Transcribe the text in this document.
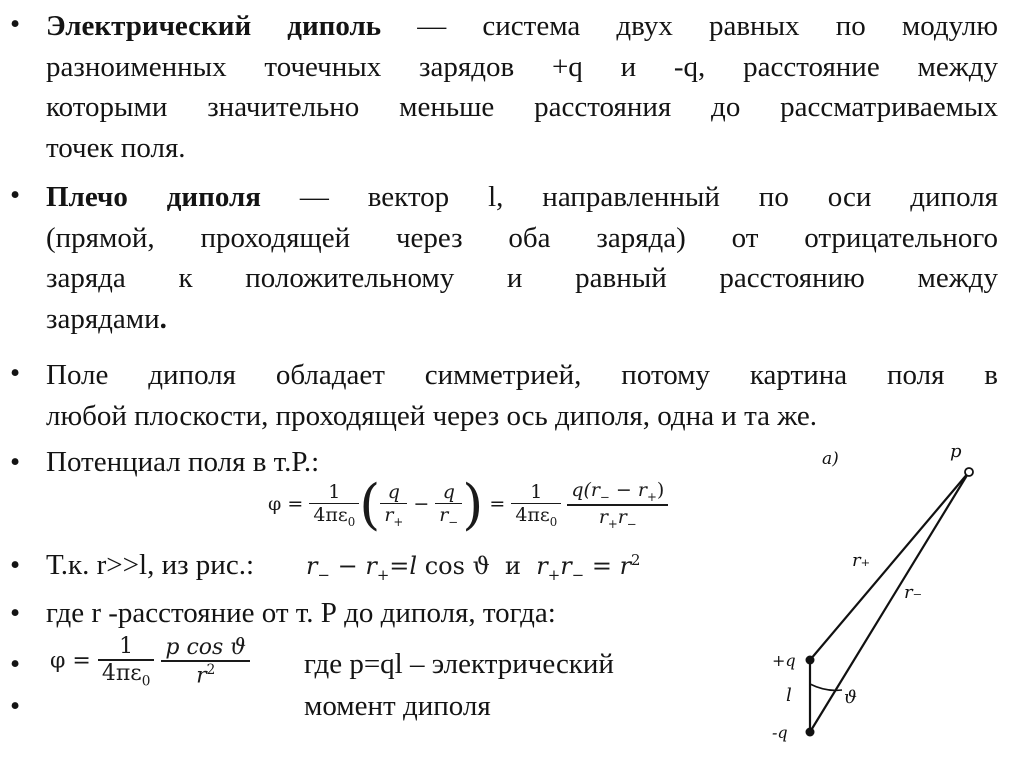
• Электрический диполь — система двух равных по модулю
разноименных точечных зарядов +q и -q, расстояние между
которыми значительно меньше расстояния до рассматриваемых
точек поля.
• Плечо диполя — вектор l, направленный по оси диполя
(прямой, проходящей через оба заряда) от отрицательного
заряда к положительному и равный расстоянию между
зарядами.
• Поле диполя обладает симметрией, потому картина поля в
любой плоскости, проходящей через ось диполя, одна и та же.
• Потенциал поля в т.Р.:
$\varphi = \frac{1}{4\pi\varepsilon_0}$ ( $\frac{q}{r_+} - \frac{q}{r_-}$ ) = $\frac{1}{4\pi\varepsilon_0}$
$\frac{q(r_- - r_+)}{r_+r_-}$
• Т.к. r>>l, из рис.: $r_- - r_+=l$ cos ϑ и $r_+r_- = r^2$
• где r -расстояние от т. Р до диполя, тогда:
•
•
$\varphi = \frac{1}{4\pi\varepsilon_0}$
$\frac{\text{p cos ϑ}}{r^2}$ где p=ql – электрический
момент диполя
а)	p
r₊
r₋
+q
l	ϑ
-q
